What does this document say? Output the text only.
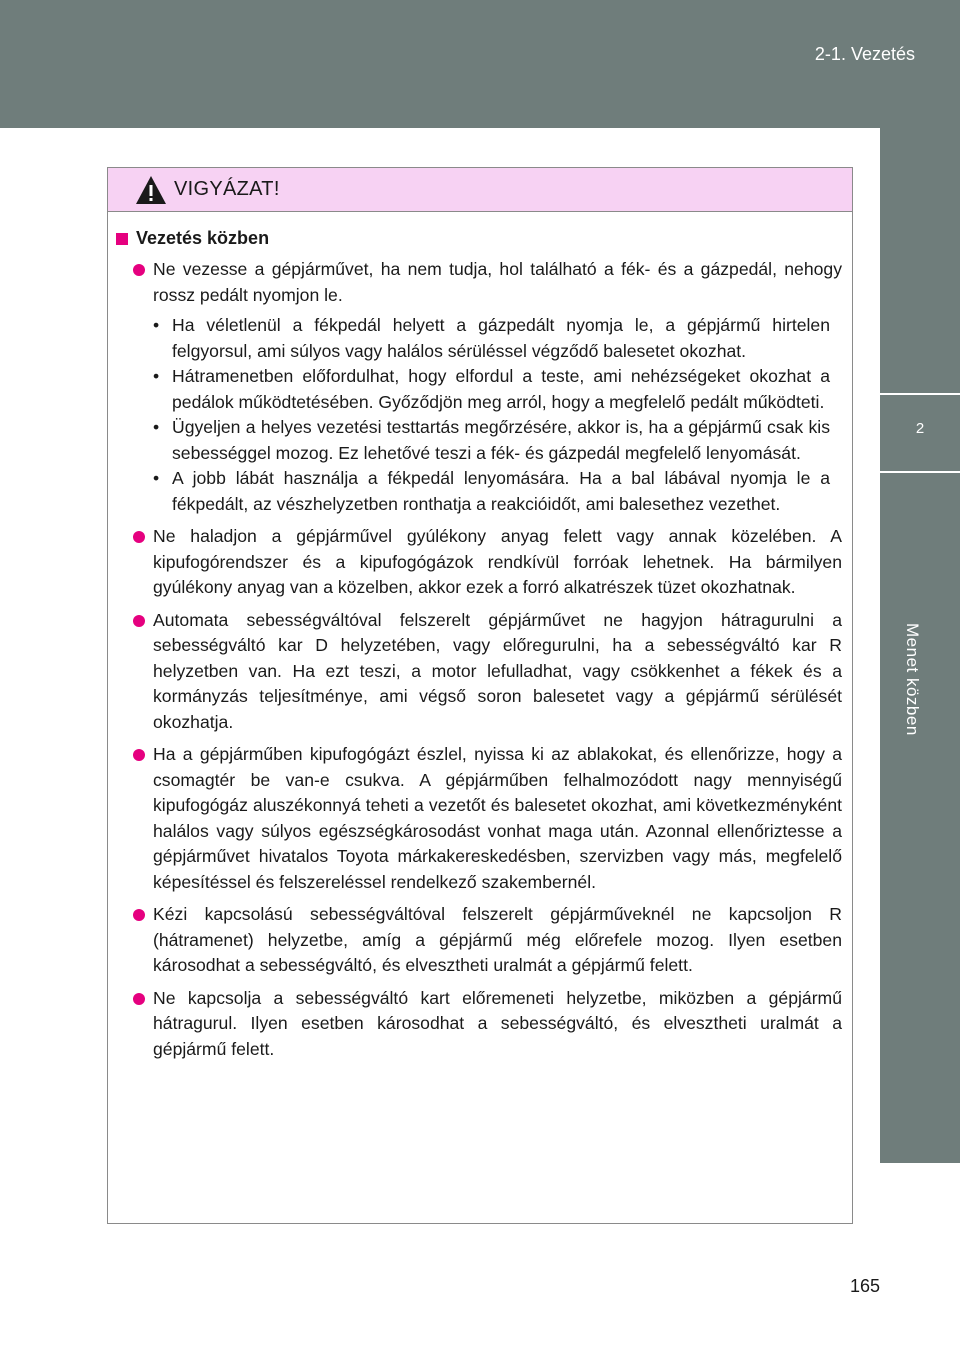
2-1. Vezetés
2
Menet közben
VIGYÁZAT!
Vezetés közben
Ne vezesse a gépjárművet, ha nem tudja, hol található a fék- és a gázpedál, nehogy rossz pedált nyomjon le.
• Ha véletlenül a fékpedál helyett a gázpedált nyomja le, a gépjármű hirtelen felgyorsul, ami súlyos vagy halálos sérüléssel végződő balesetet okozhat.
• Hátramenetben előfordulhat, hogy elfordul a teste, ami nehézségeket okozhat a pedálok működtetésében. Győződjön meg arról, hogy a megfelelő pedált működteti.
• Ügyeljen a helyes vezetési testtartás megőrzésére, akkor is, ha a gépjármű csak kis sebességgel mozog. Ez lehetővé teszi a fék- és gázpedál megfelelő lenyomását.
• A jobb lábát használja a fékpedál lenyomására. Ha a bal lábával nyomja le a fékpedált, az vészhelyzetben ronthatja a reakcióidőt, ami balesethez vezethet.
Ne haladjon a gépjárművel gyúlékony anyag felett vagy annak közelében. A kipufogórendszer és a kipufogógázok rendkívül forróak lehetnek. Ha bármilyen gyúlékony anyag van a közelben, akkor ezek a forró alkatrészek tüzet okozhatnak.
Automata sebességváltóval felszerelt gépjárművet ne hagyjon hátragurulni a sebességváltó kar D helyzetében, vagy előregurulni, ha a sebességváltó kar R helyzetben van. Ha ezt teszi, a motor lefulladhat, vagy csökkenhet a fékek és a kormányzás teljesítménye, ami végső soron balesetet vagy a gépjármű sérülését okozhatja.
Ha a gépjárműben kipufogógázt észlel, nyissa ki az ablakokat, és ellenőrizze, hogy a csomagtér be van-e csukva. A gépjárműben felhalmozódott nagy mennyiségű kipufogógáz aluszékonnyá teheti a vezetőt és balesetet okozhat, ami következményként halálos vagy súlyos egészségkárosodást vonhat maga után. Azonnal ellenőriztesse a gépjárművet hivatalos Toyota márkakereskedésben, szervizben vagy más, megfelelő képesítéssel és felszereléssel rendelkező szakembernél.
Kézi kapcsolású sebességváltóval felszerelt gépjárműveknél ne kapcsoljon R (hátramenet) helyzetbe, amíg a gépjármű még előrefele mozog. Ilyen esetben károsodhat a sebességváltó, és elvesztheti uralmát a gépjármű felett.
Ne kapcsolja a sebességváltó kart előremeneti helyzetbe, miközben a gépjármű hátragurul. Ilyen esetben károsodhat a sebességváltó, és elvesztheti uralmát a gépjármű felett.
165
